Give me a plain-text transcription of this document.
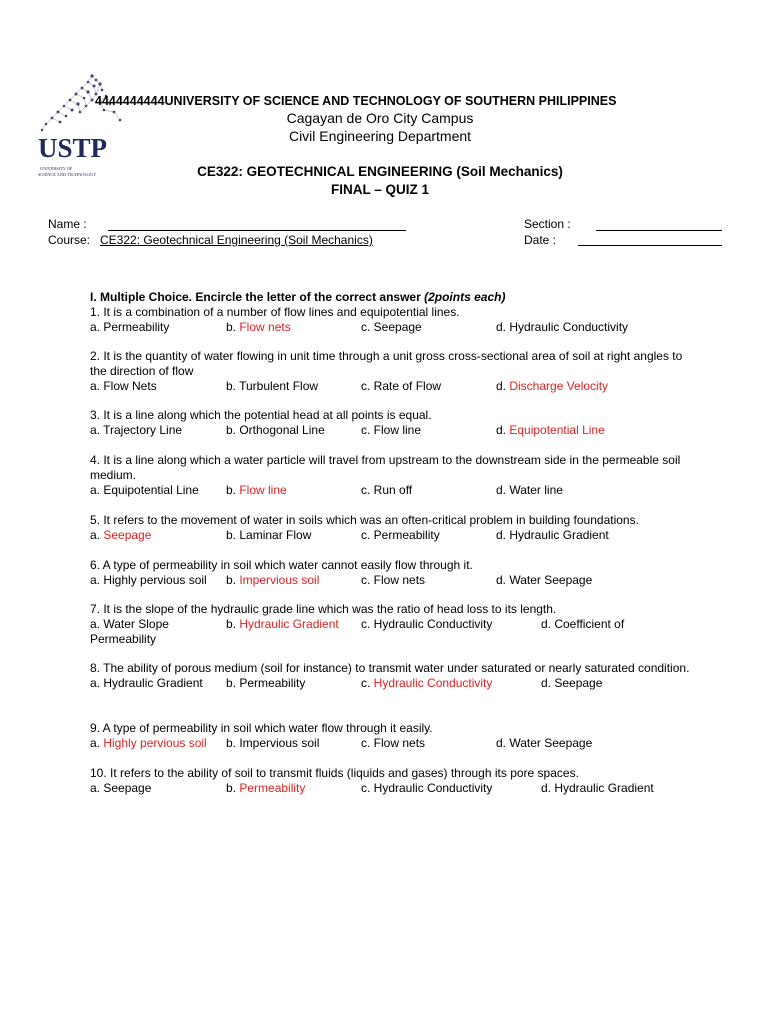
USTP
UNIVERSITY OF
SCIENCE AND TECHNOLOGY
4444444444UNIVERSITY OF SCIENCE AND TECHNOLOGY OF SOUTHERN PHILIPPINES
Cagayan de Oro City Campus
Civil Engineering Department
CE322: GEOTECHNICAL ENGINEERING (Soil Mechanics)
FINAL – QUIZ 1
Name :
Course: CE322: Geotechnical Engineering (Soil Mechanics)
Section :
Date :
I. Multiple Choice. Encircle the letter of the correct answer (2points each)
1. It is a combination of a number of flow lines and equipotential lines.
a. Permeability	b. Flow nets	c. Seepage	d. Hydraulic Conductivity
2. It is the quantity of water flowing in unit time through a unit gross cross-sectional area of soil at right angles to the direction of flow
a. Flow Nets	b. Turbulent Flow	c. Rate of Flow	d. Discharge Velocity
3. It is a line along which the potential head at all points is equal.
a. Trajectory Line	b. Orthogonal Line	c. Flow line	d. Equipotential Line
4. It is a line along which a water particle will travel from upstream to the downstream side in the permeable soil medium.
a. Equipotential Line b. Flow line	c. Run off	d. Water line
5. It refers to the movement of water in soils which was an often-critical problem in building foundations.
a. Seepage	b. Laminar Flow	c. Permeability	d. Hydraulic Gradient
6. A type of permeability in soil which water cannot easily flow through it.
a. Highly pervious soil b. Impervious soil	c. Flow nets	d. Water Seepage
7. It is the slope of the hydraulic grade line which was the ratio of head loss to its length.
a. Water Slope	b. Hydraulic Gradient c. Hydraulic Conductivity	d. Coefficient of
Permeability
8. The ability of porous medium (soil for instance) to transmit water under saturated or nearly saturated condition.
a. Hydraulic Gradient b. Permeability	c. Hydraulic Conductivity	d. Seepage
9. A type of permeability in soil which water flow through it easily.
a. Highly pervious soil b. Impervious soil	c. Flow nets	d. Water Seepage
10. It refers to the ability of soil to transmit fluids (liquids and gases) through its pore spaces.
a. Seepage	b. Permeability	c. Hydraulic Conductivity	d. Hydraulic Gradient
